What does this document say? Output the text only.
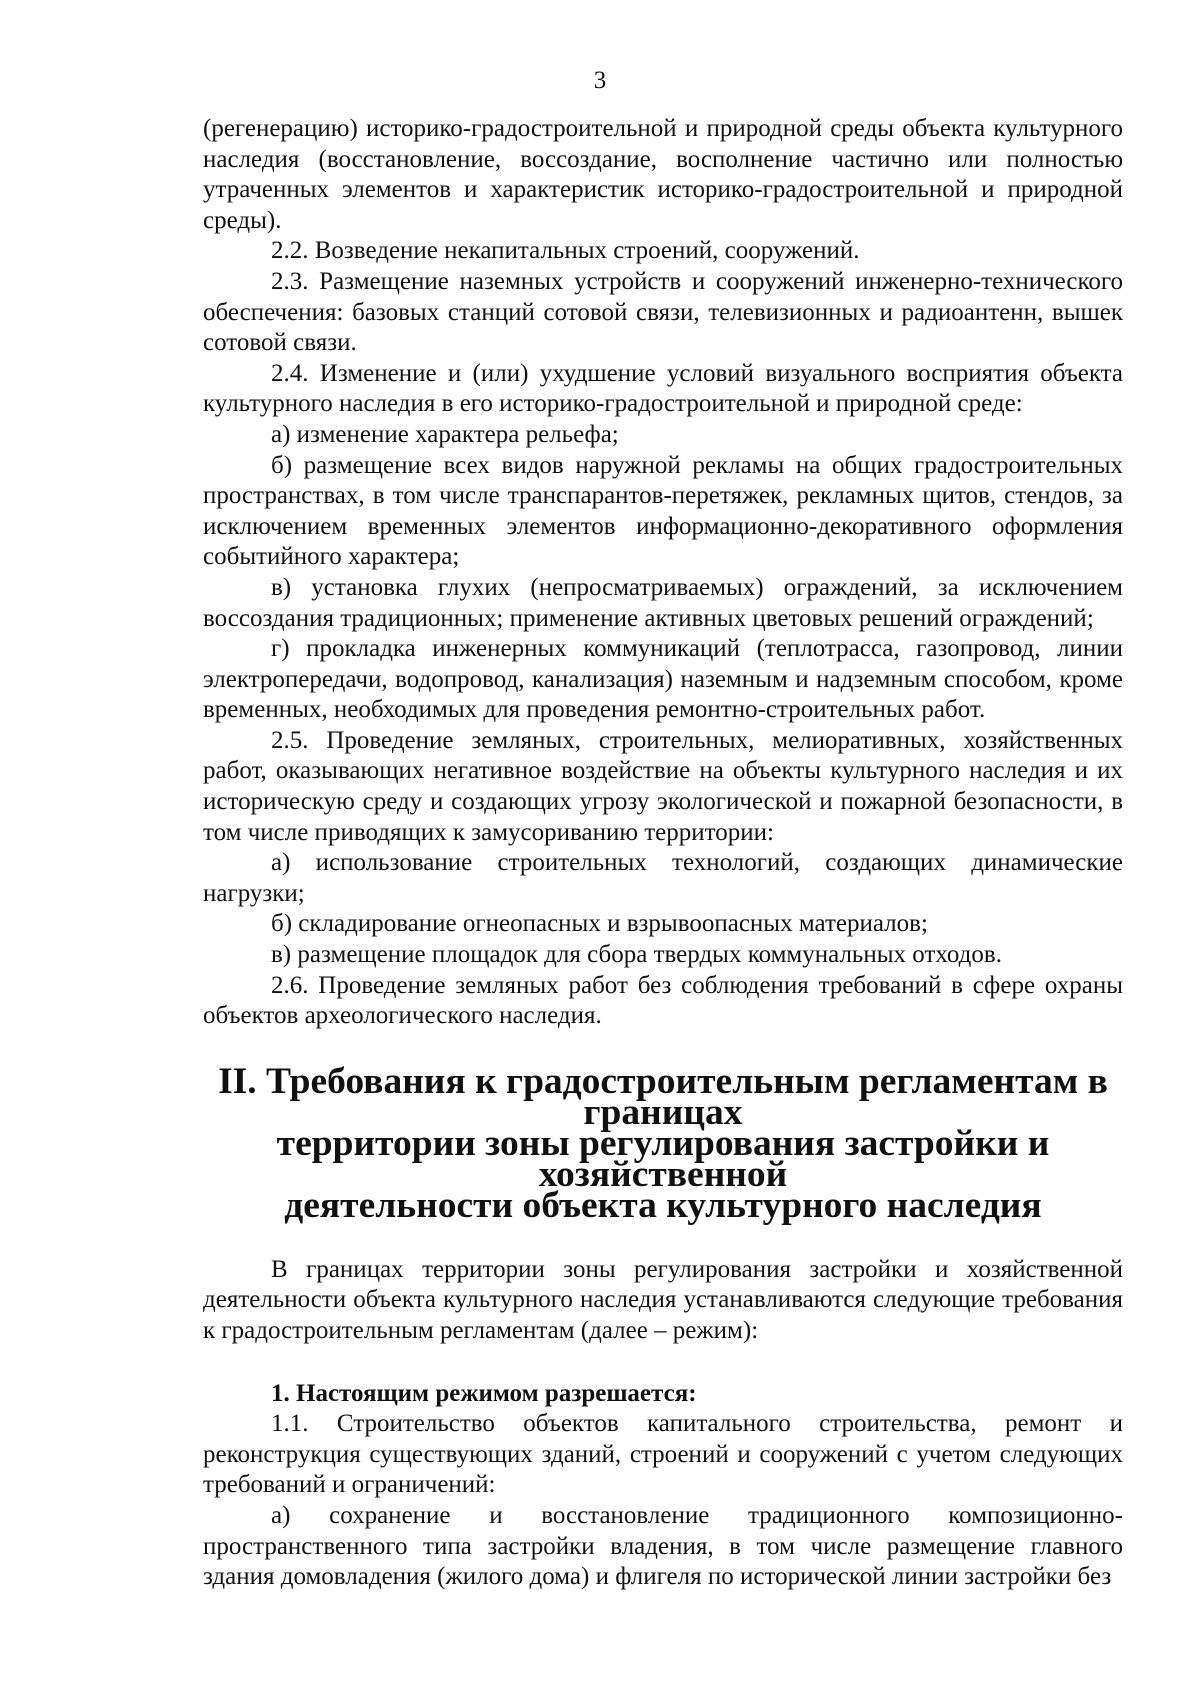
3

(регенерацию) историко-градостроительной и природной среды объекта культурного наследия (восстановление, воссоздание, восполнение частично или полностью утраченных элементов и характеристик историко-градостроительной и природной среды).

2.2. Возведение некапитальных строений, сооружений.

2.3. Размещение наземных устройств и сооружений инженерно-технического обеспечения: базовых станций сотовой связи, телевизионных и радиоантенн, вышек сотовой связи.

2.4. Изменение и (или) ухудшение условий визуального восприятия объекта культурного наследия в его историко-градостроительной и природной среде:

а) изменение характера рельефа;

б) размещение всех видов наружной рекламы на общих градостроительных пространствах, в том числе транспарантов-перетяжек, рекламных щитов, стендов, за исключением временных элементов информационно-декоративного оформления событийного характера;

в) установка глухих (непросматриваемых) ограждений, за исключением воссоздания традиционных; применение активных цветовых решений ограждений;

г) прокладка инженерных коммуникаций (теплотрасса, газопровод, линии электропередачи, водопровод, канализация) наземным и надземным способом, кроме временных, необходимых для проведения ремонтно-строительных работ.

2.5. Проведение земляных, строительных, мелиоративных, хозяйственных работ, оказывающих негативное воздействие на объекты культурного наследия и их историческую среду и создающих угрозу экологической и пожарной безопасности, в том числе приводящих к замусориванию территории:

а) использование строительных технологий, создающих динамические нагрузки;

б) складирование огнеопасных и взрывоопасных материалов;

в) размещение площадок для сбора твердых коммунальных отходов.

2.6. Проведение земляных работ без соблюдения требований в сфере охраны объектов археологического наследия.

II. Требования к градостроительным регламентам в границах
территории зоны регулирования застройки и хозяйственной
деятельности объекта культурного наследия

В границах территории зоны регулирования застройки и хозяйственной деятельности объекта культурного наследия устанавливаются следующие требования к градостроительным регламентам (далее – режим):

1. Настоящим режимом разрешается:

1.1. Строительство объектов капитального строительства, ремонт и реконструкция существующих зданий, строений и сооружений с учетом следующих требований и ограничений:

а) сохранение и восстановление традиционного композиционно-пространственного типа застройки владения, в том числе размещение главного здания домовладения (жилого дома) и флигеля по исторической линии застройки без
